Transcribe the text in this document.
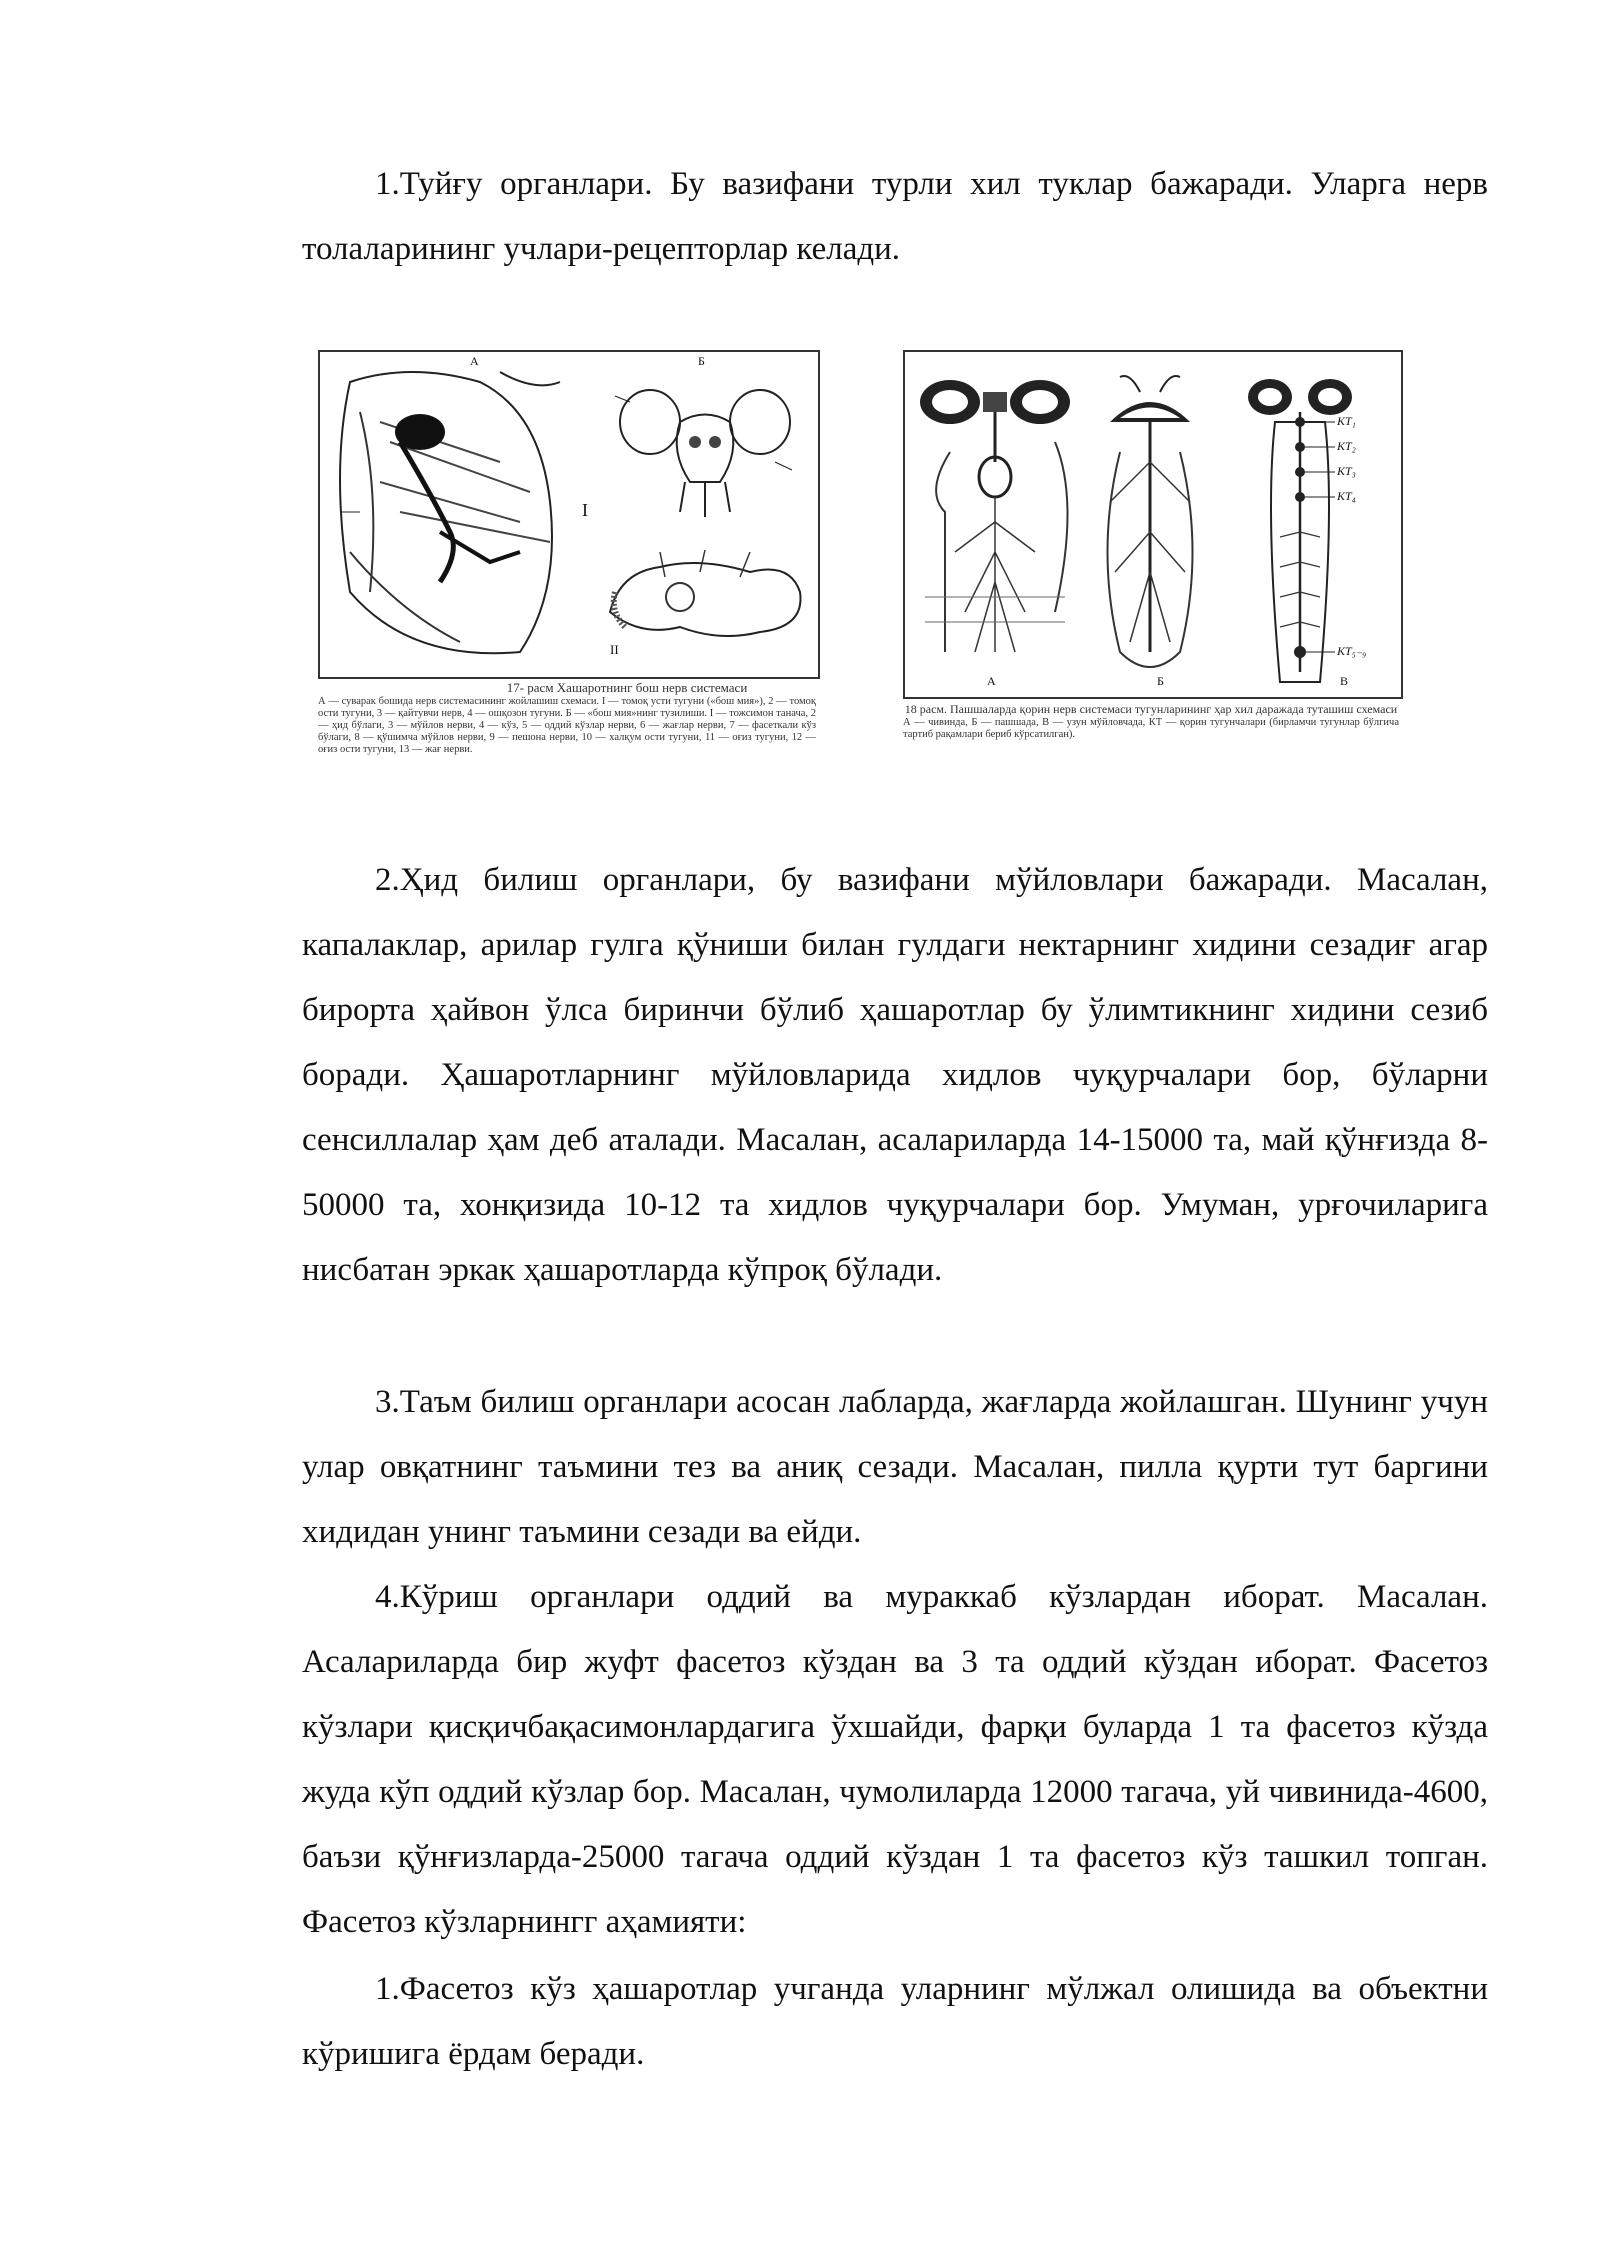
1.Туйғу органлари. Бу вазифани турли хил туклар бажаради. Уларга нерв толаларининг учлари-рецепторлар келади.

А	Б
I
II
17- расм Хашаротнинг бош нерв системаси
А — суварак бошида нерв системасининг жойлашиш схемаси. I — томоқ усти тугуни («бош мия»), 2 — томоқ ости тугуни, 3 — қайтувчи нерв, 4 — ошқозон тугуни. Б — «бош мия»нинг тузилиши. I — тожсимон танача, 2 — ҳид бўлаги, 3 — мўйлов нерви, 4 — кўз, 5 — оддий кўзлар нерви, 6 — жағлар нерви, 7 — фасеткали кўз бўлаги, 8 — қўшимча мўйлов нерви, 9 — пешона нерви, 10 — халқум ости тугуни, 11 — оғиз тугуни, 12 — оғиз ости тугуни, 13 — жағ нерви.
КТ₁
КТ₂
КТ₃
КТ₄
КТ₅₋₉
А	Б	В
18 расм. Пашшаларда қорин нерв системаси тугунларининг ҳар хил даражада туташиш схемаси
А — чивинда, Б — пашшада, В — узун мўйловчада, КТ — қорин тугунчалари (бирламчи тугунлар бўлгича тартиб рақамлари бериб кўрсатилган).

2.Ҳид билиш органлари, бу вазифани мўйловлари бажаради. Масалан, капалаклар, арилар гулга қўниши билан гулдаги нектарнинг хидини сезадиғ агар бирорта ҳайвон ўлса биринчи бўлиб ҳашаротлар бу ўлимтикнинг хидини сезиб боради. Ҳашаротларнинг мўйловларида хидлов чуқурчалари бор, бўларни сенсиллалар ҳам деб аталади. Масалан, асалариларда 14-15000 та, май қўнғизда 8-50000 та, хонқизида 10-12 та хидлов чуқурчалари бор. Умуман, урғочиларига нисбатан эркак ҳашаротларда кўпроқ бўлади.

3.Таъм билиш органлари асосан лабларда, жағларда жойлашган. Шунинг учун улар овқатнинг таъмини тез ва аниқ сезади. Масалан, пилла қурти тут баргини хидидан унинг таъмини сезади ва ейди.

4.Кўриш органлари оддий ва мураккаб кўзлардан иборат. Масалан. Асалариларда бир жуфт фасетоз кўздан ва 3 та оддий кўздан иборат. Фасетоз кўзлари қисқичбақасимонлардагига ўхшайди, фарқи буларда 1 та фасетоз кўзда жуда кўп оддий кўзлар бор. Масалан, чумолиларда 12000 тагача, уй чивинида-4600, баъзи қўнғизларда-25000 тагача оддий кўздан 1 та фасетоз кўз ташкил топган. Фасетоз кўзларнингг аҳамияти:

1.Фасетоз кўз ҳашаротлар учганда уларнинг мўлжал олишида ва объектни кўришига ёрдам беради.
